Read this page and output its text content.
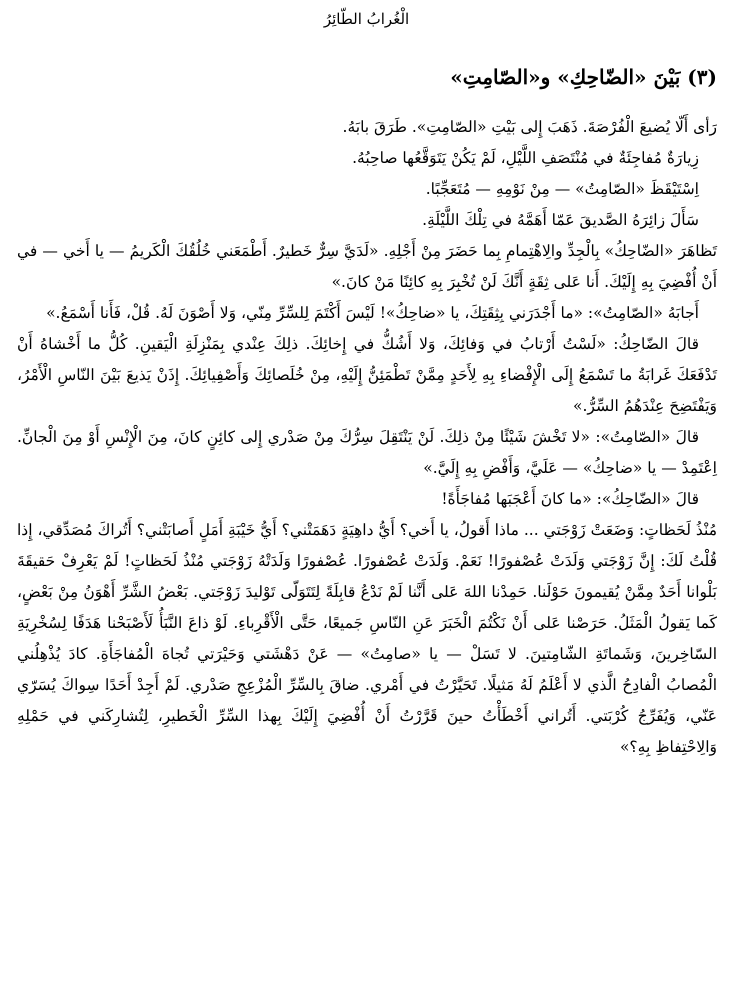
الْغُرابُ الطّائِرُ
(٣) بَيْنَ «الضّاحِكِ» و«الصّامِتِ»

رَأى أَلّا يُضيعَ الْفُرْصَةَ. ذَهَبَ إِلى بَيْتِ «الصّامِتِ». طَرَقَ بابَهُ.

زِيارَةٌ مُفاجِئَةٌ في مُنْتَصَفِ اللَّيْلِ، لَمْ يَكُنْ يَتَوَقَّعُها صاحِبُهُ.

اِسْتَيْقَظَ «الصّامِتُ» — مِنْ نَوْمِهِ — مُتَعَجِّبًا.

سَأَلَ زائِرَهُ الصَّديقَ عَمّا أَهَمَّهُ في تِلْكَ اللَّيْلَةِ.

تَظاهَرَ «الضّاحِكُ» بِالْجِدِّ والِاهْتِمامِ بِما حَضَرَ مِنْ أَجْلِهِ. «لَدَيَّ سِرٌّ خَطيرٌ. أَطْمَعَني خُلُقُكَ الْكَريمُ — يا أَخي — في أَنْ أُفْضِيَ بِهِ إِلَيْكَ. أَنا عَلى ثِقَةٍ أَنَّكَ لَنْ تُخْبِرَ بِهِ كائِنًا مَنْ كانَ.»

أَجابَهُ «الصّامِتُ»: «ما أَجْدَرَني بِثِقَتِكَ، يا «ضاحِكُ»! لَيْسَ أَكْتَمَ لِلسِّرِّ مِنّي، وَلا أَصْوَنَ لَهُ. قُلْ، فَأَنا أَسْمَعُ.»

قالَ الضّاحِكُ: «لَسْتُ أَرْتابُ في وَفائِكَ، وَلا أَشُكُّ في إِخائِكَ. ذلِكَ عِنْدي بِمَنْزِلَةِ الْيَقينِ. كُلُّ ما أَخْشاهُ أَنْ تَدْفَعَكَ غَرابَةُ ما تَسْمَعُ إِلَى الْإِفْضاءِ بِهِ لِأَحَدٍ مِمَّنْ تَطْمَئِنُّ إِلَيْهِ، مِنْ خُلَصائِكَ وَأَصْفِيائِكَ. إِذَنْ يَذيعَ بَيْنَ النّاسِ الْأَمْرُ، وَيَفْتَضِحَ عِنْدَهُمُ السِّرُّ.»

قالَ «الصّامِتُ»: «لا تَخْشَ شَيْئًا مِنْ ذلِكَ. لَنْ يَنْتَقِلَ سِرُّكَ مِنْ صَدْري إِلى كائِنٍ كانَ، مِنَ الْإِنْسِ أَوْ مِنَ الْجانِّ. اِعْتَمِدْ — يا «ضاحِكُ» — عَلَيَّ، وَأَفْضِ بِهِ إِلَيَّ.»

قالَ «الضّاحِكُ»: «ما كانَ أَعْجَبَها مُفاجَأَةً!

مُنْذُ لَحَظاتٍ: وَضَعَتْ زَوْجَتي ... ماذا أَقولُ، يا أَخي؟ أَيُّ داهِيَةٍ دَهَمَتْني؟ أَيُّ خَيْبَةِ أَمَلٍ أَصابَتْني؟ أَتُراكَ مُصَدِّقي، إِذا قُلْتُ لَكَ: إِنَّ زَوْجَتي وَلَدَتْ عُصْفورًا! نَعَمْ. وَلَدَتْ عُصْفورًا. عُصْفورًا وَلَدَتْهُ زَوْجَتي مُنْذُ لَحَظاتٍ! لَمْ يَعْرِفْ حَقيقَةَ بَلْوانا أَحَدٌ مِمَّنْ يُقيمونَ حَوْلَنا. حَمِدْنا اللهَ عَلى أَنَّنا لَمْ نَدْعُ قابِلَةً لِتَتَوَلّى تَوْليدَ زَوْجَتي. بَعْضُ الشَّرِّ أَهْوَنُ مِنْ بَعْضٍ، كَما يَقولُ الْمَثَلُ. حَرَصْنا عَلى أَنْ نَكْتُمَ الْخَبَرَ عَنِ النّاسِ جَميعًا، حَتَّى الْأَقْرِباءِ. لَوْ ذاعَ النَّبَأُ لَأَصْبَحْنا هَدَفًا لِسُخْرِيَةِ السّاخِرينَ، وَشَماتَةِ الشّامِتينَ. لا تَسَلْ — يا «صامِتُ» — عَنْ دَهْشَتي وَحَيْرَتي تُجاهَ الْمُفاجَأَةِ. كادَ يُذْهِلُني الْمُصابُ الْفادِحُ الَّذي لا أَعْلَمُ لَهُ مَثيلًا. تَحَيَّرْتُ في أَمْري. ضاقَ بِالسِّرِّ الْمُزْعِجِ صَدْري. لَمْ أَجِدْ أَحَدًا سِواكَ يُسَرّي عَنّي، وَيُفَرِّجُ كُرْبَتي. أَتُراني أَخْطَأْتُ حينَ قَرَّرْتُ أَنْ أُفْضِيَ إِلَيْكَ بِهذا السِّرِّ الْخَطيرِ، لِتُشارِكَني في حَمْلِهِ وَالِاحْتِفاظِ بِهِ؟»
